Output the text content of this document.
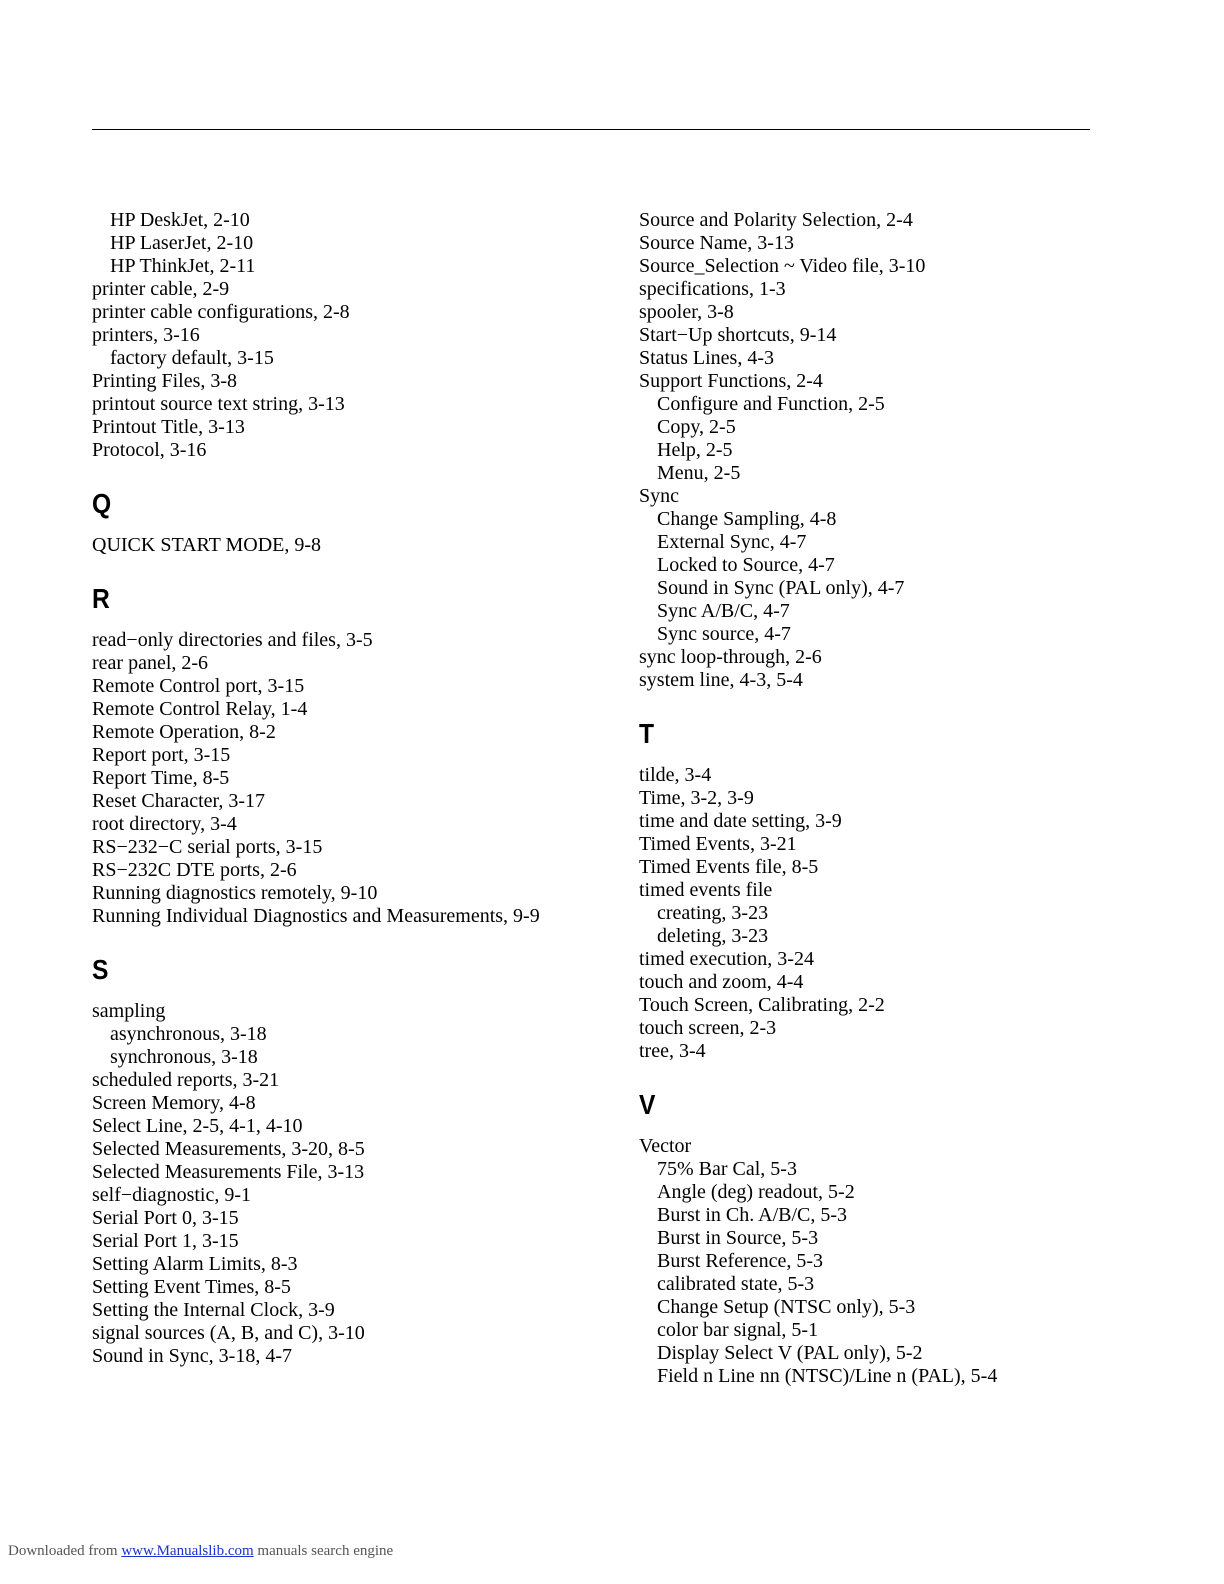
HP DeskJet, 2-10
HP LaserJet, 2-10
HP ThinkJet, 2-11
printer cable, 2-9
printer cable configurations, 2-8
printers, 3-16
factory default, 3-15
Printing Files, 3-8
printout source text string, 3-13
Printout Title, 3-13
Protocol, 3-16
Q
QUICK START MODE, 9-8
R
read−only directories and files, 3-5
rear panel, 2-6
Remote Control port, 3-15
Remote Control Relay, 1-4
Remote Operation, 8-2
Report port, 3-15
Report Time, 8-5
Reset Character, 3-17
root directory, 3-4
RS−232−C serial ports, 3-15
RS−232C DTE ports, 2-6
Running diagnostics remotely, 9-10
Running Individual Diagnostics and Measurements, 9-9
S
sampling
asynchronous, 3-18
synchronous, 3-18
scheduled reports, 3-21
Screen Memory, 4-8
Select Line, 2-5, 4-1, 4-10
Selected Measurements, 3-20, 8-5
Selected Measurements File, 3-13
self−diagnostic, 9-1
Serial Port 0, 3-15
Serial Port 1, 3-15
Setting Alarm Limits, 8-3
Setting Event Times, 8-5
Setting the Internal Clock, 3-9
signal sources (A, B, and C), 3-10
Sound in Sync, 3-18, 4-7
Source and Polarity Selection, 2-4
Source Name, 3-13
Source_Selection ~ Video file, 3-10
specifications, 1-3
spooler, 3-8
Start−Up shortcuts, 9-14
Status Lines, 4-3
Support Functions, 2-4
Configure and Function, 2-5
Copy, 2-5
Help, 2-5
Menu, 2-5
Sync
Change Sampling, 4-8
External Sync, 4-7
Locked to Source, 4-7
Sound in Sync (PAL only), 4-7
Sync A/B/C, 4-7
Sync source, 4-7
sync loop-through, 2-6
system line, 4-3, 5-4
T
tilde, 3-4
Time, 3-2, 3-9
time and date setting, 3-9
Timed Events, 3-21
Timed Events file, 8-5
timed events file
creating, 3-23
deleting, 3-23
timed execution, 3-24
touch and zoom, 4-4
Touch Screen, Calibrating, 2-2
touch screen, 2-3
tree, 3-4
V
Vector
75% Bar Cal, 5-3
Angle (deg) readout, 5-2
Burst in Ch. A/B/C, 5-3
Burst in Source, 5-3
Burst Reference, 5-3
calibrated state, 5-3
Change Setup (NTSC only), 5-3
color bar signal, 5-1
Display Select V (PAL only), 5-2
Field n Line nn (NTSC)/Line n (PAL), 5-4
Downloaded from www.Manualslib.com manuals search engine
